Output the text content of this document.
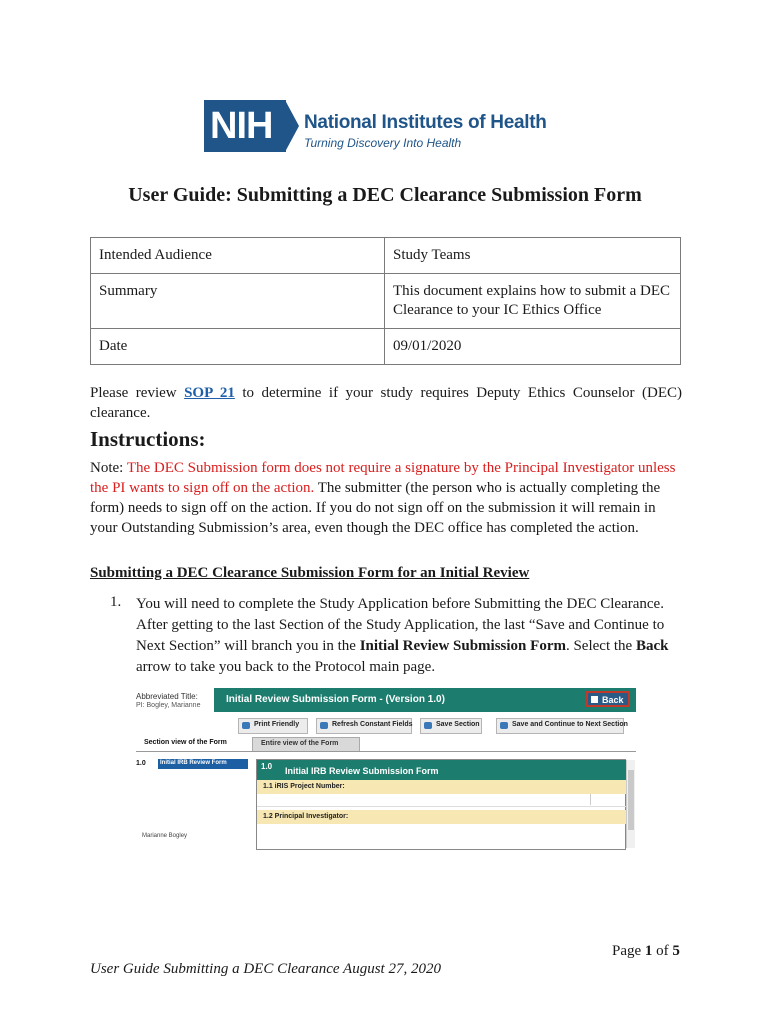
NIH National Institutes of Health
Turning Discovery Into Health
User Guide: Submitting a DEC Clearance Submission Form
Intended Audience	Study Teams
Summary	This document explains how to submit a DEC Clearance to your IC Ethics Office
Date	09/01/2020
Please review SOP 21 to determine if your study requires Deputy Ethics Counselor (DEC) clearance.
Instructions:
Note: The DEC Submission form does not require a signature by the Principal Investigator unless the PI wants to sign off on the action. The submitter (the person who is actually completing the form) needs to sign off on the action. If you do not sign off on the submission it will remain in your Outstanding Submission’s area, even though the DEC office has completed the action.
Submitting a DEC Clearance Submission Form for an Initial Review
1. You will need to complete the Study Application before Submitting the DEC Clearance. After getting to the last Section of the Study Application, the last “Save and Continue to Next Section” will branch you in the Initial Review Submission Form. Select the Back arrow to take you back to the Protocol main page.
Abbreviated Title:
PI: Bogley, Marianne
Initial Review Submission Form - (Version 1.0)	Back
Print Friendly	Refresh Constant Fields	Save Section	Save and Continue to Next Section
Section view of the Form	Entire view of the Form
1.0 Initial IRB Review Form	1.0 Initial IRB Review Submission Form
1.1 iRIS Project Number:
1.2 Principal Investigator:
Marianne Bogley
Page 1 of 5
User Guide Submitting a DEC Clearance August 27, 2020
